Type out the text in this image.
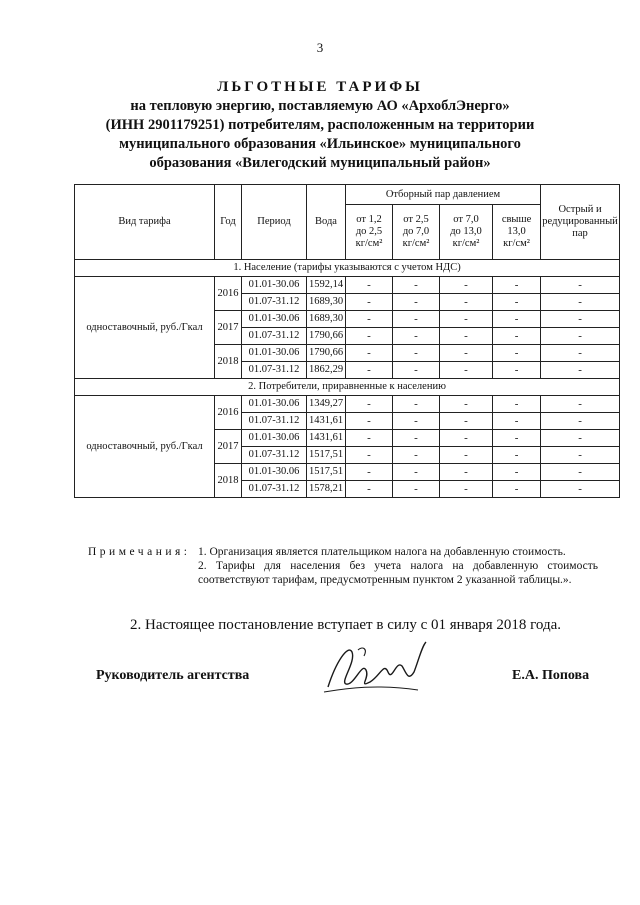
3
ЛЬГОТНЫЕ ТАРИФЫ
на тепловую энергию, поставляемую АО «АрхоблЭнерго»
(ИНН 2901179251) потребителям, расположенным на территории
муниципального образования «Ильинское» муниципального
образования «Вилегодский муниципальный район»
Вид тарифа	Год	Период	Вода	Отборный пар давлением				Острый и редуцированный пар
				от 1,2
до 2,5
кг/см²	от 2,5
до 7,0
кг/см²	от 7,0
до 13,0
кг/см²	свыше
13,0
кг/см²	
1. Население (тарифы указываются с учетом НДС)								
одноставочный, руб./Гкал	2016	01.01-30.06	1592,14	-	-	-	-	-
		01.07-31.12	1689,30	-	-	-	-	-
	2017	01.01-30.06	1689,30	-	-	-	-	-
		01.07-31.12	1790,66	-	-	-	-	-
	2018	01.01-30.06	1790,66	-	-	-	-	-
		01.07-31.12	1862,29	-	-	-	-	-
2. Потребители, приравненные к населению								
одноставочный, руб./Гкал	2016	01.01-30.06	1349,27	-	-	-	-	-
		01.07-31.12	1431,61	-	-	-	-	-
	2017	01.01-30.06	1431,61	-	-	-	-	-
		01.07-31.12	1517,51	-	-	-	-	-
	2018	01.01-30.06	1517,51	-	-	-	-	-
		01.07-31.12	1578,21	-	-	-	-	-
Примечания: 1. Организация является плательщиком налога на добавленную стоимость.
2. Тарифы для населения без учета налога на добавленную стоимость соответствуют тарифам, предусмотренным пунктом 2 указанной таблицы.».
2. Настоящее постановление вступает в силу с 01 января 2018 года.
Руководитель агентства	Е.А. Попова
